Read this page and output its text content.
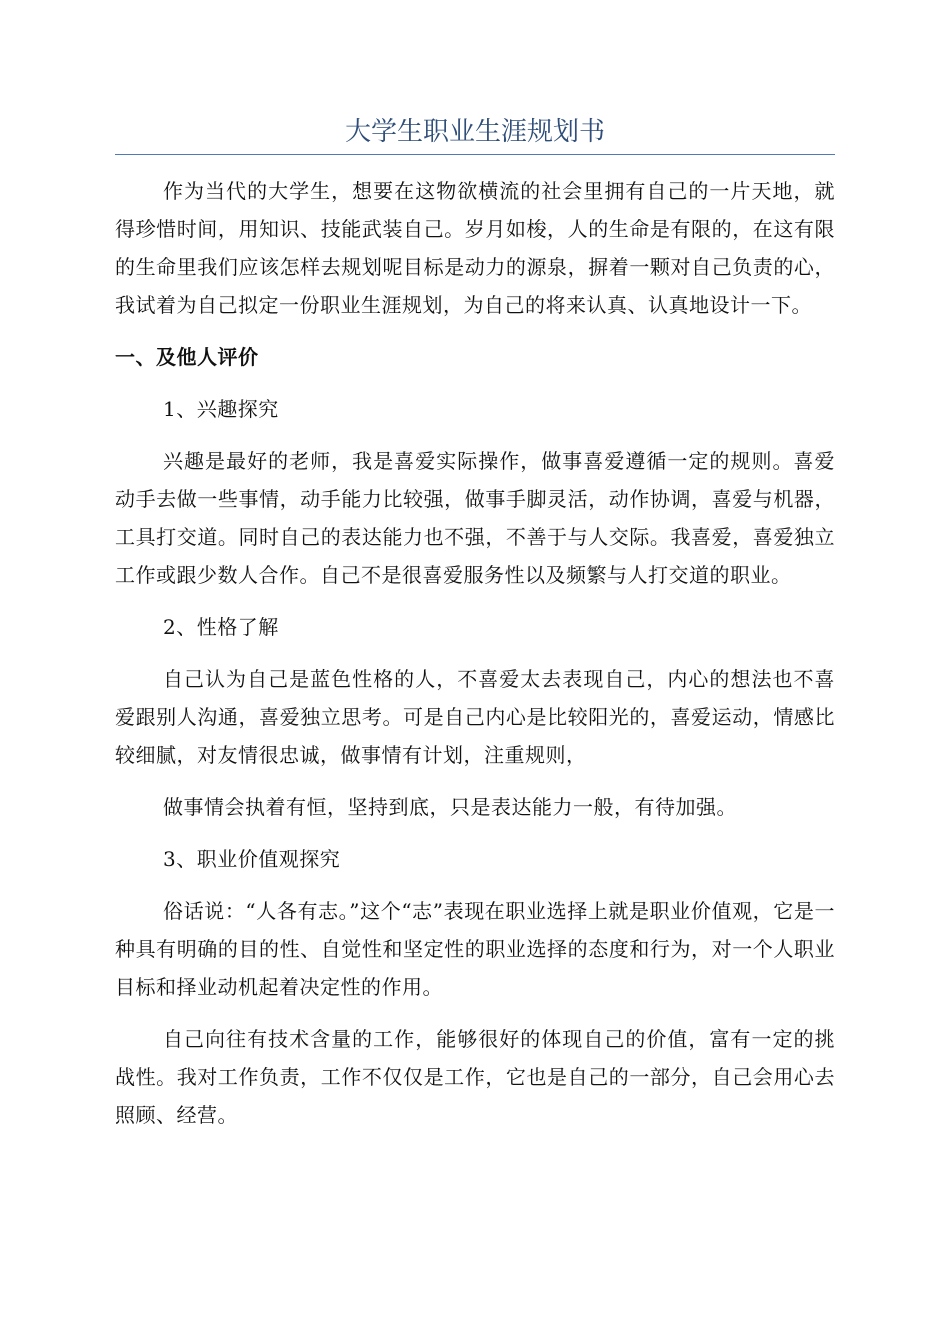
大学生职业生涯规划书

作为当代的大学生，想要在这物欲横流的社会里拥有自己的一片天地，就得珍惜时间，用知识、技能武装自己。岁月如梭，人的生命是有限的，在这有限的生命里我们应该怎样去规划呢目标是动力的源泉，摒着一颗对自己负责的心，我试着为自己拟定一份职业生涯规划，为自己的将来认真、认真地设计一下。

一、及他人评价

1、兴趣探究

兴趣是最好的老师，我是喜爱实际操作，做事喜爱遵循一定的规则。喜爱动手去做一些事情，动手能力比较强，做事手脚灵活，动作协调，喜爱与机器，工具打交道。同时自己的表达能力也不强，不善于与人交际。我喜爱，喜爱独立工作或跟少数人合作。自己不是很喜爱服务性以及频繁与人打交道的职业。

2、性格了解

自己认为自己是蓝色性格的人，不喜爱太去表现自己，内心的想法也不喜爱跟别人沟通，喜爱独立思考。可是自己内心是比较阳光的，喜爱运动，情感比较细腻，对友情很忠诚，做事情有计划，注重规则，

做事情会执着有恒，坚持到底，只是表达能力一般，有待加强。

3、职业价值观探究

俗话说：“人各有志。”这个“志”表现在职业选择上就是职业价值观，它是一种具有明确的目的性、自觉性和坚定性的职业选择的态度和行为，对一个人职业目标和择业动机起着决定性的作用。

自己向往有技术含量的工作，能够很好的体现自己的价值，富有一定的挑战性。我对工作负责，工作不仅仅是工作，它也是自己的一部分，自己会用心去照顾、经营。
